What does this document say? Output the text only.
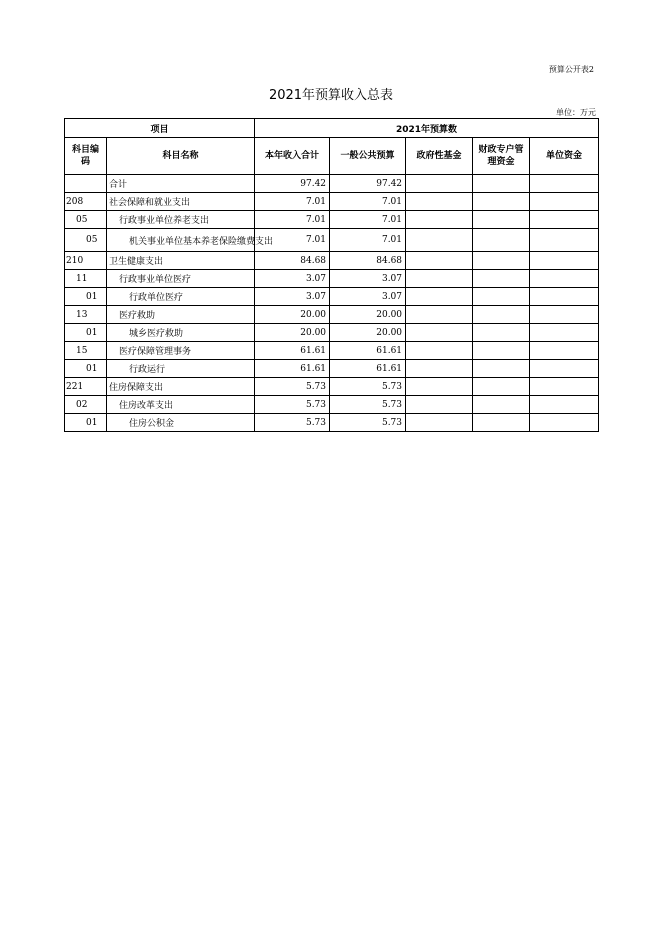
预算公开表2
2021年预算收入总表
单位：万元
项目		2021年预算数				
科目编码	科目名称	本年收入合计	一般公共预算	政府性基金	财政专户管理资金	单位资金
	合计	97.42	97.42			
208	社会保障和就业支出	7.01	7.01			
05	行政事业单位养老支出	7.01	7.01			
05	机关事业单位基本养老保险缴费支出	7.01	7.01			
210	卫生健康支出	84.68	84.68			
11	行政事业单位医疗	3.07	3.07			
01	行政单位医疗	3.07	3.07			
13	医疗救助	20.00	20.00			
01	城乡医疗救助	20.00	20.00			
15	医疗保障管理事务	61.61	61.61			
01	行政运行	61.61	61.61			
221	住房保障支出	5.73	5.73			
02	住房改革支出	5.73	5.73			
01	住房公积金	5.73	5.73			
